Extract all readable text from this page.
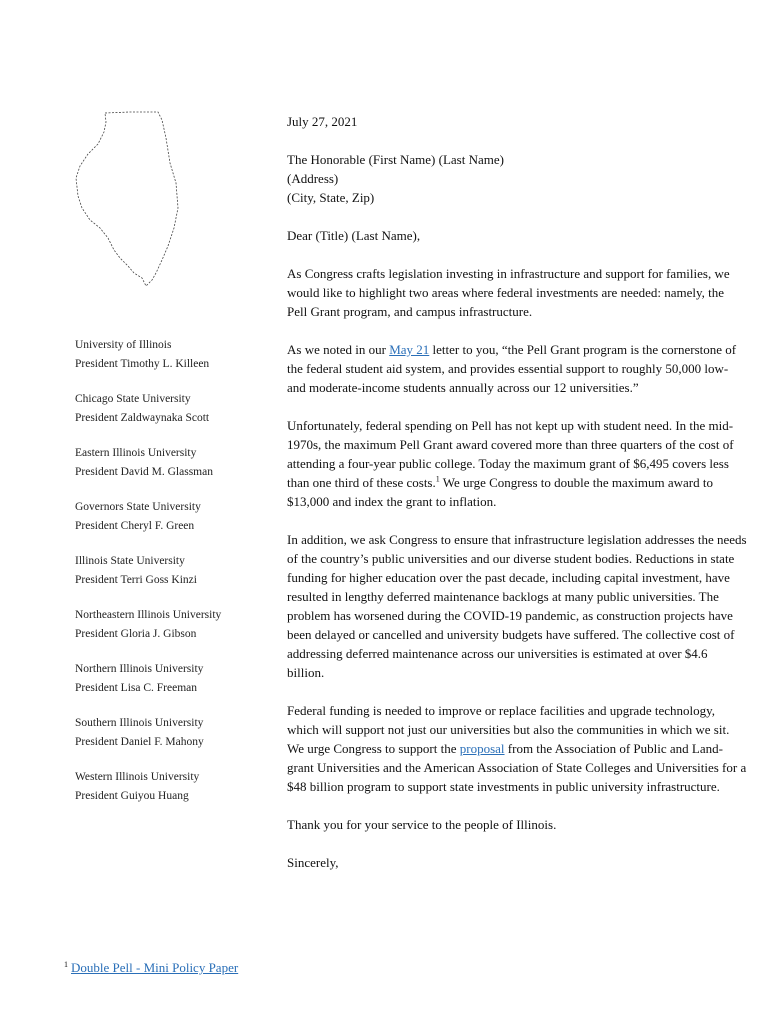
University of Illinois
President Timothy L. Killeen
Chicago State University
President Zaldwaynaka Scott
Eastern Illinois University
President David M. Glassman
Governors State University
President Cheryl F. Green
Illinois State University
President Terri Goss Kinzi
Northeastern Illinois University
President Gloria J. Gibson
Northern Illinois University
President Lisa C. Freeman
Southern Illinois University
President Daniel F. Mahony
Western Illinois University
President Guiyou Huang

July 27, 2021

The Honorable (First Name) (Last Name)
(Address)
(City, State, Zip)

Dear (Title) (Last Name),

As Congress crafts legislation investing in infrastructure and support for families, we would like to highlight two areas where federal investments are needed: namely, the Pell Grant program, and campus infrastructure.

As we noted in our May 21 letter to you, “the Pell Grant program is the cornerstone of the federal student aid system, and provides essential support to roughly 50,000 low- and moderate-income students annually across our 12 universities.”

Unfortunately, federal spending on Pell has not kept up with student need. In the mid-1970s, the maximum Pell Grant award covered more than three quarters of the cost of attending a four-year public college. Today the maximum grant of $6,495 covers less than one third of these costs.$^1$ We urge Congress to double the maximum award to $13,000 and index the grant to inflation.

In addition, we ask Congress to ensure that infrastructure legislation addresses the needs of the country’s public universities and our diverse student bodies. Reductions in state funding for higher education over the past decade, including capital investment, have resulted in lengthy deferred maintenance backlogs at many public universities. The problem has worsened during the COVID-19 pandemic, as construction projects have been delayed or cancelled and university budgets have suffered. The collective cost of addressing deferred maintenance across our universities is estimated at over $4.6 billion.

Federal funding is needed to improve or replace facilities and upgrade technology, which will support not just our universities but also the communities in which we sit. We urge Congress to support the proposal from the Association of Public and Land-grant Universities and the American Association of State Colleges and Universities for a $48 billion program to support state investments in public university infrastructure.

Thank you for your service to the people of Illinois.

Sincerely,

$^1$ Double Pell - Mini Policy Paper
